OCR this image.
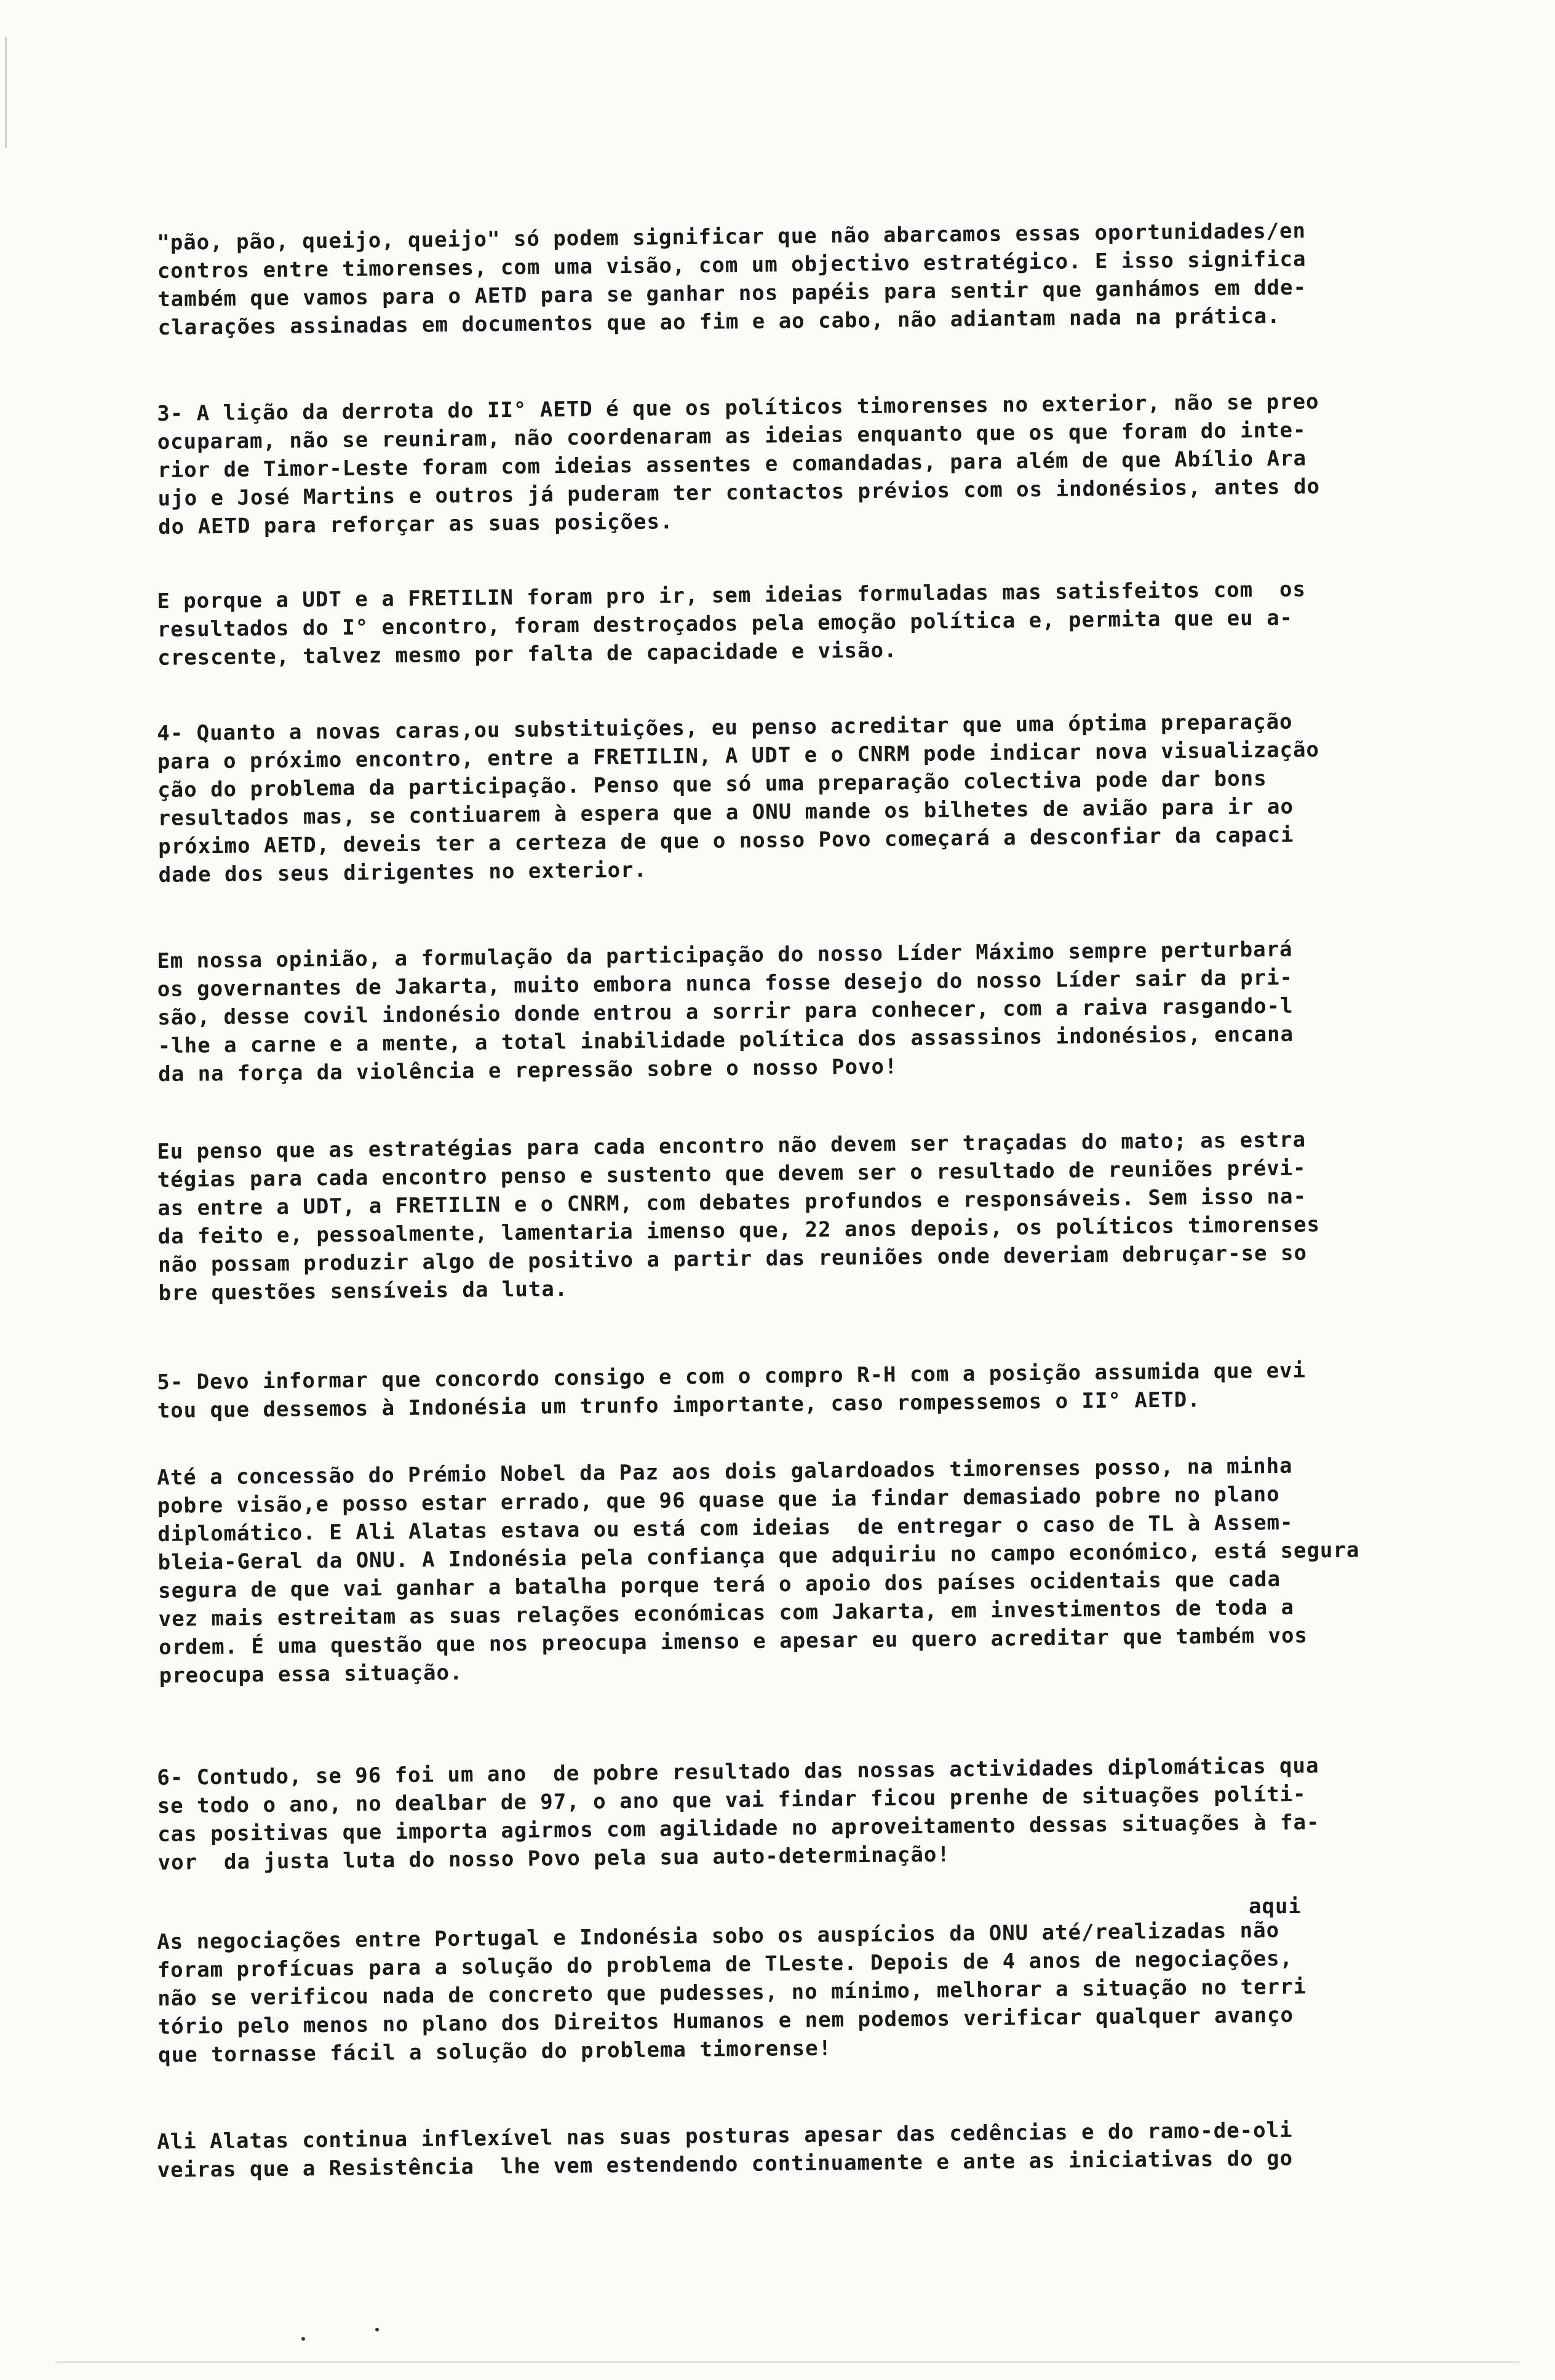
"pão, pão, queijo, queijo" só podem significar que não abarcamos essas oportunidades/en
contros entre timorenses, com uma visão, com um objectivo estratégico. E isso significa
também que vamos para o AETD para se ganhar nos papéis para sentir que ganhámos em dde-
clarações assinadas em documentos que ao fim e ao cabo, não adiantam nada na prática.
3- A lição da derrota do II° AETD é que os políticos timorenses no exterior, não se preo
ocuparam, não se reuniram, não coordenaram as ideias enquanto que os que foram do inte-
rior de Timor-Leste foram com ideias assentes e comandadas, para além de que Abílio Ara
ujo e José Martins e outros já puderam ter contactos prévios com os indonésios, antes do
do AETD para reforçar as suas posições.
E porque a UDT e a FRETILIN foram pro ir, sem ideias formuladas mas satisfeitos com  os
resultados do I° encontro, foram destroçados pela emoção política e, permita que eu a-
crescente, talvez mesmo por falta de capacidade e visão.
4- Quanto a novas caras,ou substituições, eu penso acreditar que uma óptima preparação
para o próximo encontro, entre a FRETILIN, A UDT e o CNRM pode indicar nova visualização
ção do problema da participação. Penso que só uma preparação colectiva pode dar bons
resultados mas, se contiuarem à espera que a ONU mande os bilhetes de avião para ir ao
próximo AETD, deveis ter a certeza de que o nosso Povo começará a desconfiar da capaci
dade dos seus dirigentes no exterior.
Em nossa opinião, a formulação da participação do nosso Líder Máximo sempre perturbará
os governantes de Jakarta, muito embora nunca fosse desejo do nosso Líder sair da pri-
são, desse covil indonésio donde entrou a sorrir para conhecer, com a raiva rasgando-l
-lhe a carne e a mente, a total inabilidade política dos assassinos indonésios, encana
da na força da violência e repressão sobre o nosso Povo!
Eu penso que as estratégias para cada encontro não devem ser traçadas do mato; as estra
tégias para cada encontro penso e sustento que devem ser o resultado de reuniões prévi-
as entre a UDT, a FRETILIN e o CNRM, com debates profundos e responsáveis. Sem isso na-
da feito e, pessoalmente, lamentaria imenso que, 22 anos depois, os políticos timorenses
não possam produzir algo de positivo a partir das reuniões onde deveriam debruçar-se so
bre questões sensíveis da luta.
5- Devo informar que concordo consigo e com o compro R-H com a posição assumida que evi
tou que dessemos à Indonésia um trunfo importante, caso rompessemos o II° AETD.
Até a concessão do Prémio Nobel da Paz aos dois galardoados timorenses posso, na minha
pobre visão,e posso estar errado, que 96 quase que ia findar demasiado pobre no plano
diplomático. E Ali Alatas estava ou está com ideias  de entregar o caso de TL à Assem-
bleia-Geral da ONU. A Indonésia pela confiança que adquiriu no campo económico, está segura
segura de que vai ganhar a batalha porque terá o apoio dos países ocidentais que cada
vez mais estreitam as suas relações económicas com Jakarta, em investimentos de toda a
ordem. É uma questão que nos preocupa imenso e apesar eu quero acreditar que também vos
preocupa essa situação.
6- Contudo, se 96 foi um ano  de pobre resultado das nossas actividades diplomáticas qua
se todo o ano, no dealbar de 97, o ano que vai findar ficou prenhe de situações políti-
cas positivas que importa agirmos com agilidade no aproveitamento dessas situações à fa-
vor  da justa luta do nosso Povo pela sua auto-determinação!
aqui
As negociações entre Portugal e Indonésia sobo os auspícios da ONU até/realizadas não
foram profícuas para a solução do problema de TLeste. Depois de 4 anos de negociações,
não se verificou nada de concreto que pudesses, no mínimo, melhorar a situação no terri
tório pelo menos no plano dos Direitos Humanos e nem podemos verificar qualquer avanço
que tornasse fácil a solução do problema timorense!
Ali Alatas continua inflexível nas suas posturas apesar das cedências e do ramo-de-oli
veiras que a Resistência  lhe vem estendendo continuamente e ante as iniciativas do go
